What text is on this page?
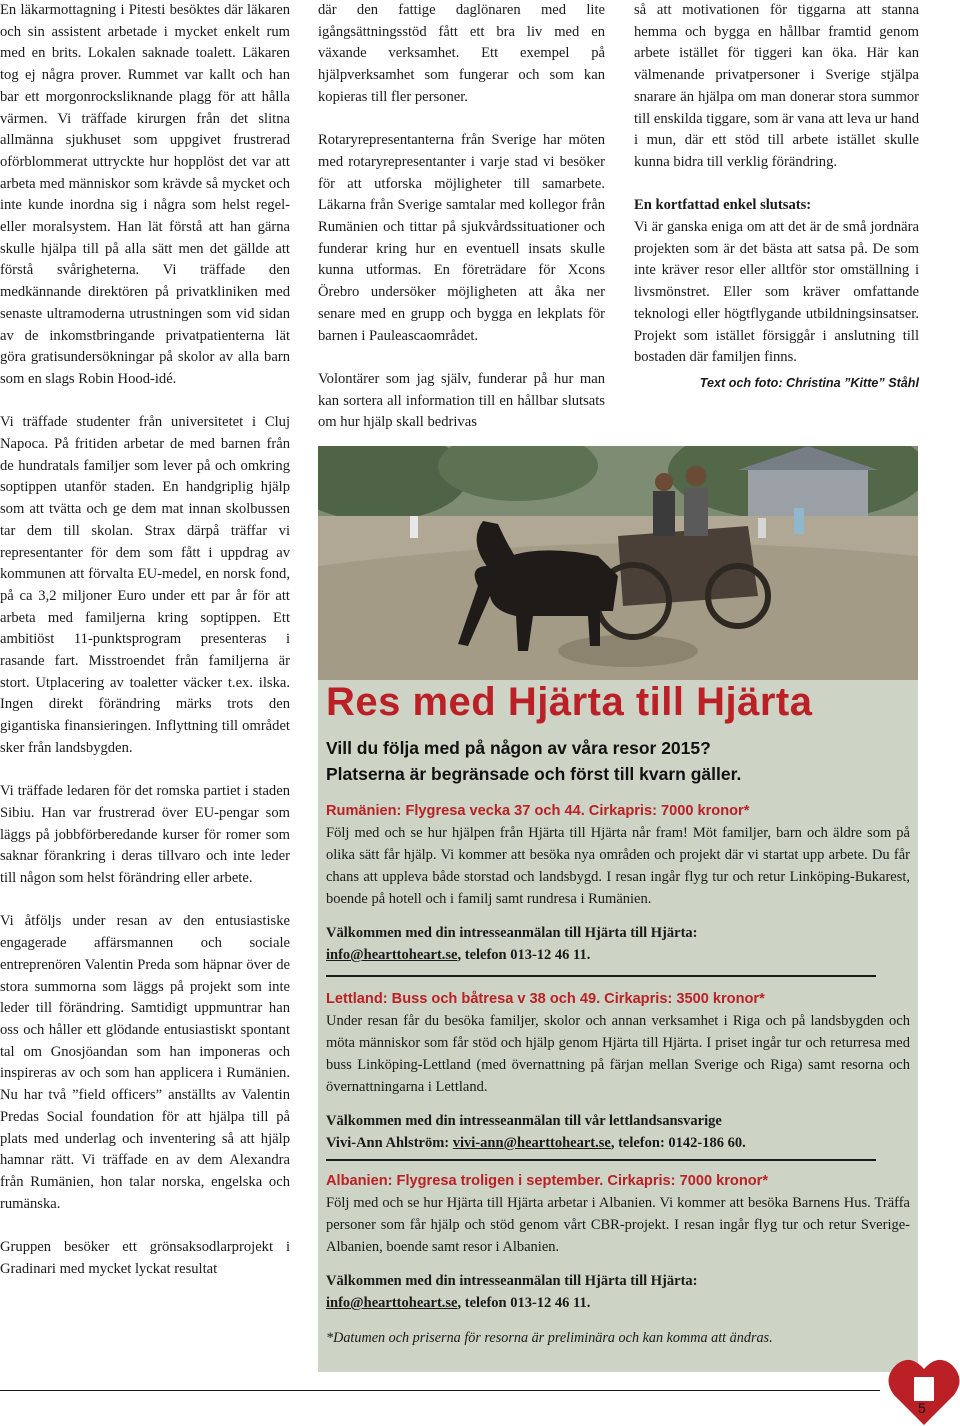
En läkarmottagning i Pitesti besöktes där läkaren och sin assistent arbetade i mycket enkelt rum med en brits. Lokalen saknade toalett. Läkaren tog ej några prover. Rummet var kallt och han bar ett morgonrocksliknande plagg för att hålla värmen. Vi träffade kirurgen från det slitna allmänna sjukhuset som uppgivet frustrerad oförblommerat uttryckte hur hopplöst det var att arbeta med människor som krävde så mycket och inte kunde inordna sig i några som helst regel- eller moralsystem. Han lät förstå att han gärna skulle hjälpa till på alla sätt men det gällde att förstå svårigheterna. Vi träffade den medkännande direktören på privatkliniken med senaste ultramoderna utrustningen som vid sidan av de inkomstbringande privatpatienterna lät göra gratisundersökningar på skolor av alla barn som en slags Robin Hood-idé.

Vi träffade studenter från universitetet i Cluj Napoca. På fritiden arbetar de med barnen från de hundratals familjer som lever på och omkring soptippen utanför staden. En handgriplig hjälp som att tvätta och ge dem mat innan skolbussen tar dem till skolan. Strax därpå träffar vi representanter för dem som fått i uppdrag av kommunen att förvalta EU-medel, en norsk fond, på ca 3,2 miljoner Euro under ett par år för att arbeta med familjerna kring soptippen. Ett ambitiöst 11-punktsprogram presenteras i rasande fart. Misstroendet från familjerna är stort. Utplacering av toaletter väcker t.ex. ilska. Ingen direkt förändring märks trots den gigantiska finansieringen. Inflyttning till området sker från landsbygden.

Vi träffade ledaren för det romska partiet i staden Sibiu. Han var frustrerad över EU-pengar som läggs på jobbförberedande kurser för romer som saknar förankring i deras tillvaro och inte leder till någon som helst förändring eller arbete.

Vi åtföljs under resan av den entusiastiske engagerade affärsmannen och sociale entreprenören Valentin Preda som häpnar över de stora summorna som läggs på projekt som inte leder till förändring. Samtidigt uppmuntrar han oss och håller ett glödande entusiastiskt spontant tal om Gnosjöandan som han imponeras och inspireras av och som han applicera i Rumänien. Nu har två ”field officers” anställts av Valentin Predas Social foundation för att hjälpa till på plats med underlag och inventering så att hjälp hamnar rätt. Vi träffade en av dem Alexandra från Rumänien, hon talar norska, engelska och rumänska.

Gruppen besöker ett grönsaksodlarprojekt i Gradinari med mycket lyckat resultat

där den fattige daglönaren med lite igångsättningsstöd fått ett bra liv med en växande verksamhet. Ett exempel på hjälpverksamhet som fungerar och som kan kopieras till fler personer.

Rotaryrepresentanterna från Sverige har möten med rotaryrepresentanter i varje stad vi besöker för att utforska möjligheter till samarbete. Läkarna från Sverige samtalar med kollegor från Rumänien och tittar på sjukvårdssituationer och funderar kring hur en eventuell insats skulle kunna utformas. En företrädare för Xcons Örebro undersöker möjligheten att åka ner senare med en grupp och bygga en lekplats för barnen i Pauleascaområdet.

Volontärer som jag själv, funderar på hur man kan sortera all information till en hållbar slutsats om hur hjälp skall bedrivas

så att motivationen för tiggarna att stanna hemma och bygga en hållbar framtid genom arbete istället för tiggeri kan öka. Här kan välmenande privatpersoner i Sverige stjälpa snarare än hjälpa om man donerar stora summor till enskilda tiggare, som är vana att leva ur hand i mun, där ett stöd till arbete istället skulle kunna bidra till verklig förändring.

En kortfattad enkel slutsats:
Vi är ganska eniga om att det är de små jordnära projekten som är det bästa att satsa på. De som inte kräver resor eller alltför stor omställning i livsmönstret. Eller som kräver omfattande teknologi eller högtflygande utbildningsinsatser. Projekt som istället försiggår i anslutning till bostaden där familjen finns.
Text och foto: Christina ”Kitte” Ståhl
Res med Hjärta till Hjärta
Vill du följa med på någon av våra resor 2015?
Platserna är begränsade och först till kvarn gäller.
Rumänien: Flygresa vecka 37 och 44. Cirkapris: 7000 kronor*
Följ med och se hur hjälpen från Hjärta till Hjärta når fram! Möt familjer, barn och äldre som på olika sätt får hjälp. Vi kommer att besöka nya områden och projekt där vi startat upp arbete. Du får chans att uppleva både storstad och landsbygd. I resan ingår flyg tur och retur Linköping-Bukarest, boende på hotell och i familj samt rundresa i Rumänien.
Välkommen med din intresseanmälan till Hjärta till Hjärta:
info@hearttoheart.se, telefon 013-12 46 11.
Lettland: Buss och båtresa v 38 och 49. Cirkapris: 3500 kronor*
Under resan får du besöka familjer, skolor och annan verksamhet i Riga och på landsbygden och möta människor som får stöd och hjälp genom Hjärta till Hjärta. I priset ingår tur och returresa med buss Linköping-Lettland (med övernattning på färjan mellan Sverige och Riga) samt resorna och övernattningarna i Lettland.
Välkommen med din intresseanmälan till vår lettlandsansvarige
Vivi-Ann Ahlström: vivi-ann@hearttoheart.se, telefon: 0142-186 60.
Albanien: Flygresa troligen i september. Cirkapris: 7000 kronor*
Följ med och se hur Hjärta till Hjärta arbetar i Albanien. Vi kommer att besöka Barnens Hus. Träffa personer som får hjälp och stöd genom vårt CBR-projekt. I resan ingår flyg tur och retur Sverige-Albanien, boende samt resor i Albanien.
Välkommen med din intresseanmälan till Hjärta till Hjärta:
info@hearttoheart.se, telefon 013-12 46 11.
*Datumen och priserna för resorna är preliminära och kan komma att ändras.
5
